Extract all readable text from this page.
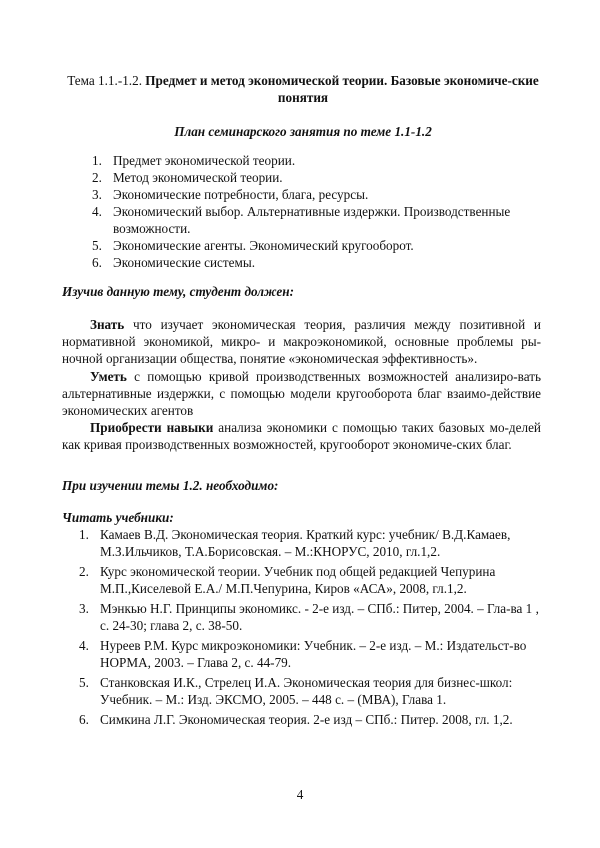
Тема 1.1.-1.2. Предмет и метод экономической теории. Базовые экономиче-ские понятия
План семинарского занятия по теме 1.1-1.2
1. Предмет экономической теории.
2. Метод экономической теории.
3. Экономические потребности, блага, ресурсы.
4. Экономический выбор. Альтернативные издержки. Производственные возможности.
5. Экономические агенты. Экономический кругооборот.
6. Экономические системы.
Изучив данную тему, студент должен:

Знать что изучает экономическая теория, различия между позитивной и нормативной экономикой, микро- и макроэкономикой, основные проблемы ры-ночной организации общества, понятие «экономическая эффективность».

Уметь с помощью кривой производственных возможностей анализиро-вать альтернативные издержки, с помощью модели кругооборота благ взаимо-действие экономических агентов

Приобрести навыки анализа экономики с помощью таких базовых мо-делей как кривая производственных возможностей, кругооборот экономиче-ских благ.

При изучении темы 1.2. необходимо:
Читать учебники:
1. Камаев В.Д. Экономическая теория. Краткий курс: учебник/ В.Д.Камаев, М.З.Ильчиков, Т.А.Борисовская. – М.:КНОРУС, 2010, гл.1,2.
2. Курс экономической теории. Учебник под общей редакцией Чепурина М.П.,Киселевой Е.А./ М.П.Чепурина, Киров «АСА», 2008, гл.1,2.
3. Мэнкью Н.Г. Принципы экономикс. - 2-е изд. – СПб.: Питер, 2004. – Гла-ва 1 , с. 24-30; глава 2, с. 38-50.
4. Нуреев Р.М. Курс микроэкономики: Учебник. – 2-е изд. – М.: Издательст-во НОРМА, 2003. – Глава 2, с. 44-79.
5. Станковская И.К., Стрелец И.А. Экономическая теория для бизнес-школ: Учебник. – М.: Изд. ЭКСМО, 2005. – 448 с. – (МВА), Глава 1.
6. Симкина Л.Г. Экономическая теория. 2-е изд – СПб.: Питер. 2008, гл. 1,2.
4
